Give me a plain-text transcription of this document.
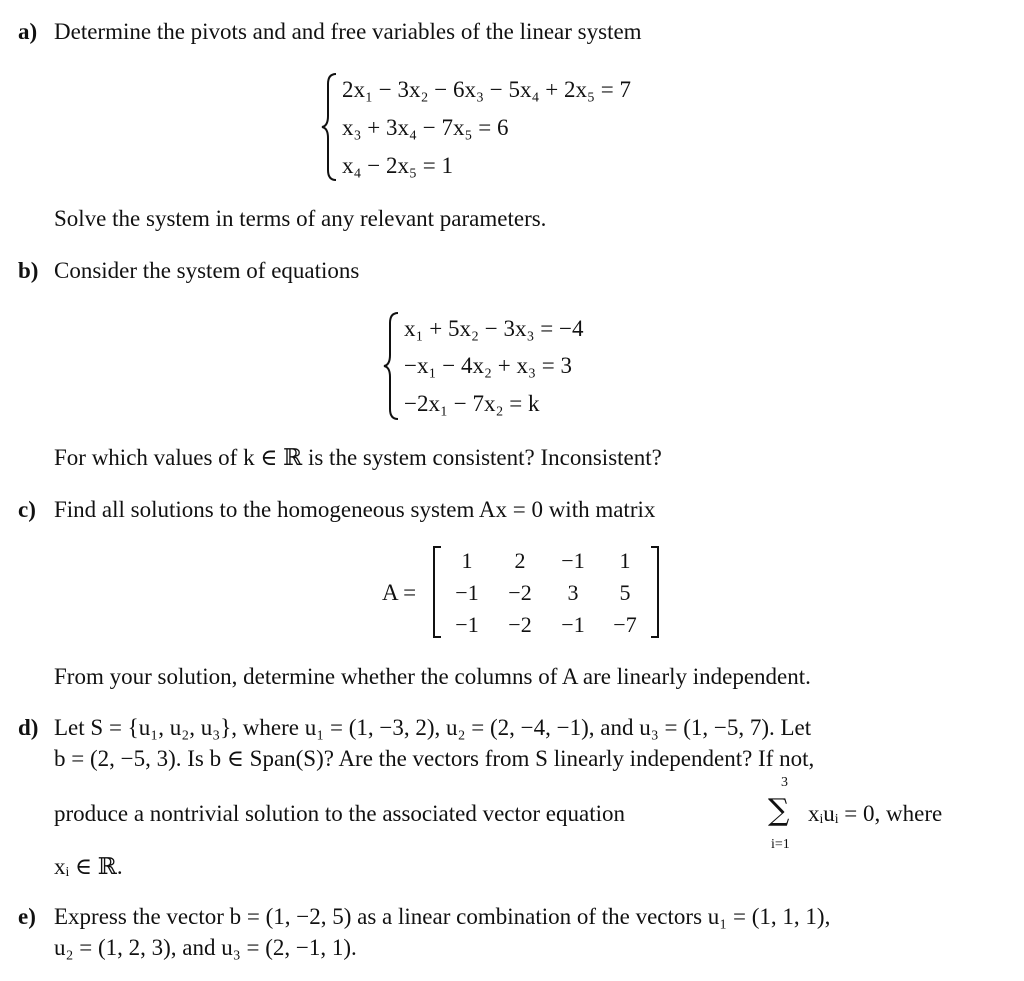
a) Determine the pivots and and free variables of the linear system
2x₁ − 3x₂ − 6x₃ − 5x₄ + 2x₅ = 7
x₃ + 3x₄ − 7x₅ = 6
x₄ − 2x₅ = 1
Solve the system in terms of any relevant parameters.
b) Consider the system of equations
x₁ + 5x₂ − 3x₃ = −4
−x₁ − 4x₂ + x₃ = 3
−2x₁ − 7x₂ = k
For which values of k ∈ ℝ is the system consistent? Inconsistent?
c) Find all solutions to the homogeneous system Ax = 0 with matrix
A =
1	2	−1	1
−1	−2	3	5
−1	−2	−1	−7
From your solution, determine whether the columns of A are linearly independent.
d) Let S = {u₁, u₂, u₃}, where u₁ = (1, −3, 2), u₂ = (2, −4, −1), and u₃ = (1, −5, 7). Let
b = (2, −5, 3). Is b ∈ Span(S)? Are the vectors from S linearly independent? If not,
produce a nontrivial solution to the associated vector equation
3
∑
i=1
xᵢuᵢ = 0, where
xᵢ ∈ ℝ.
e) Express the vector b = (1, −2, 5) as a linear combination of the vectors u₁ = (1, 1, 1),
u₂ = (1, 2, 3), and u₃ = (2, −1, 1).
